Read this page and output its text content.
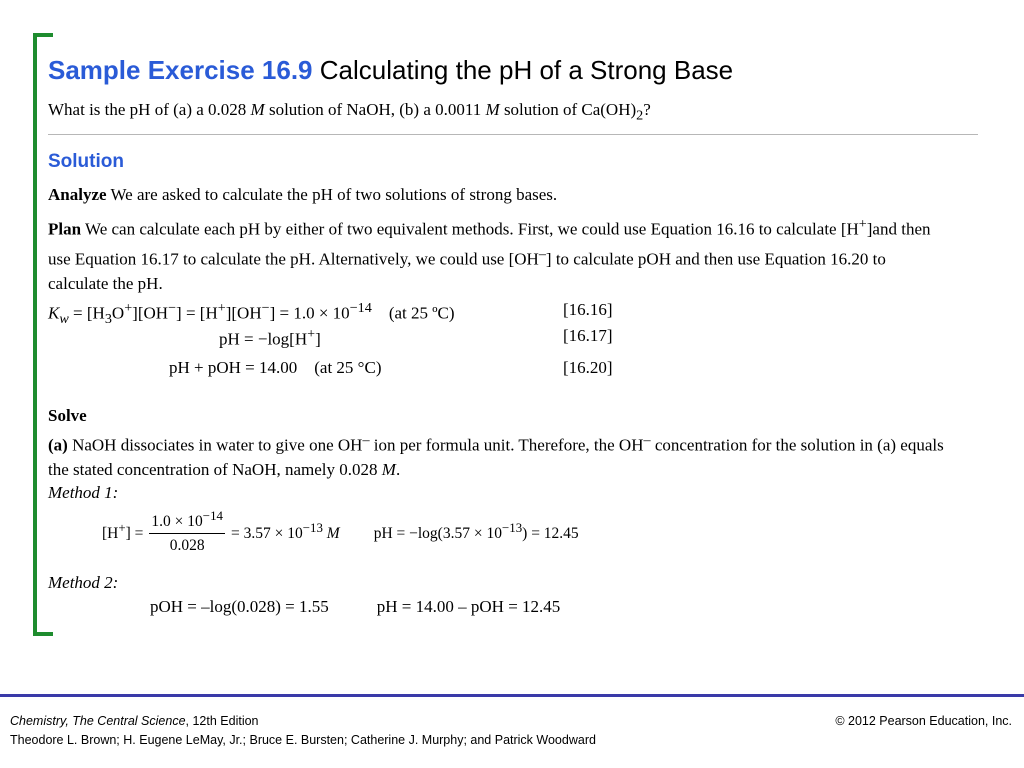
Sample Exercise 16.9 Calculating the pH of a Strong Base
What is the pH of (a) a 0.028 M solution of NaOH, (b) a 0.0011 M solution of $Ca(OH)_2$?
Solution
Analyze We are asked to calculate the pH of two solutions of strong bases.
Plan We can calculate each pH by either of two equivalent methods. First, we could use Equation 16.16 to calculate [H+]and then use Equation 16.17 to calculate the pH. Alternatively, we could use [OH–] to calculate pOH and then use Equation 16.20 to calculate the pH.
$K_w = [H_3O^+][OH^-] = [H^+][OH^-] = 1.0 \times 10^{-14}$    (at 25 ºC)	[16.16]
pH = −log[H+]	[16.17]
pH + pOH = 14.00    (at 25 °C)	[16.20]
Solve
(a) NaOH dissociates in water to give one OH– ion per formula unit. Therefore, the OH– concentration for the solution in (a) equals the stated concentration of NaOH, namely 0.028 M.
Method 1:
$[H^+] = \frac{1.0 \times 10^{-14}}{0.028} = 3.57 \times 10^{-13}$ M pH = $-\log(3.57 \times 10^{-13}) = 12.45$
Method 2:
pOH = –log(0.028) = 1.55	pH = 14.00 – pOH = 12.45
Chemistry, The Central Science, 12th Edition
Theodore L. Brown; H. Eugene LeMay, Jr.; Bruce E. Bursten; Catherine J. Murphy; and Patrick Woodward
© 2012 Pearson Education, Inc.
